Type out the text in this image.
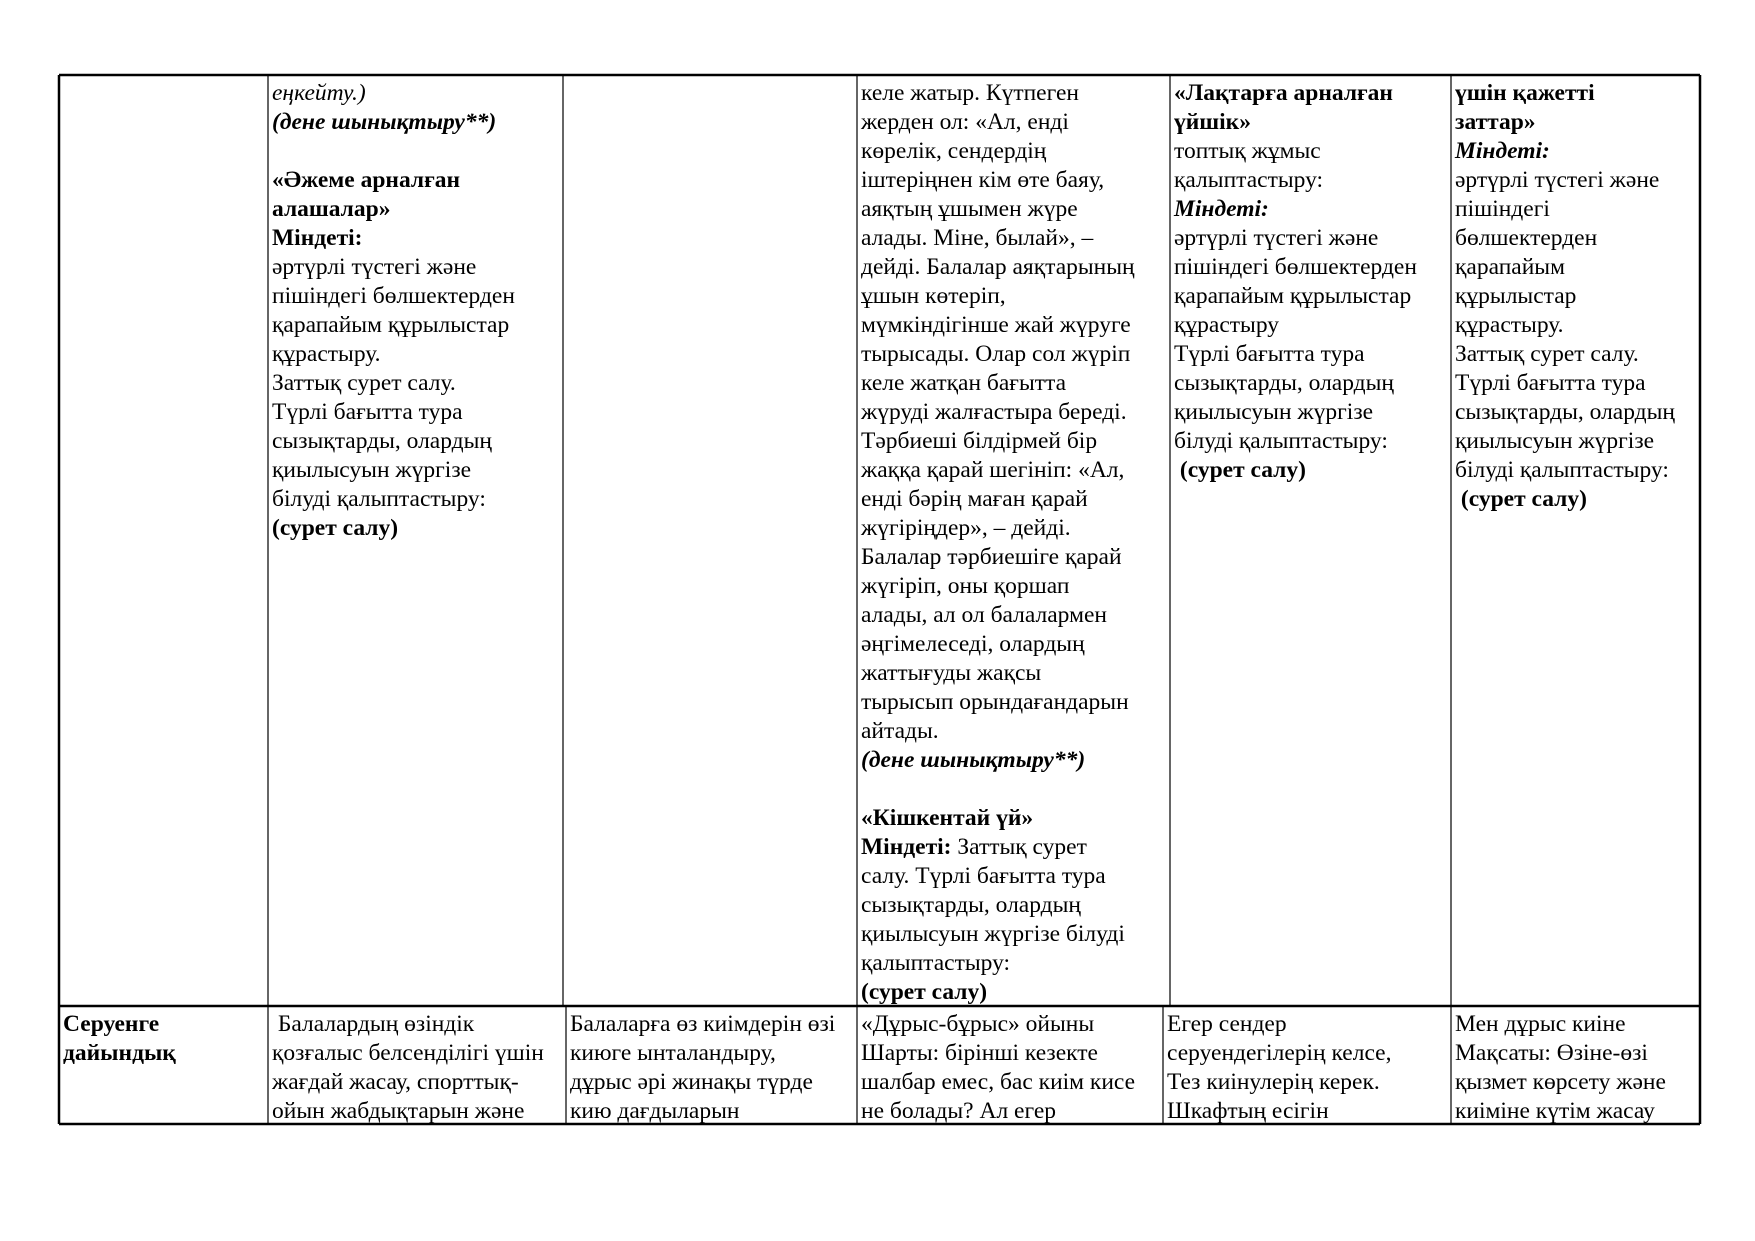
еңкейту.)
(дене шынықтыру**)
«Әжеме арналған
алашалар»
Міндеті:
әртүрлі түстегі және
пішіндегі бөлшектерден
қарапайым құрылыстар
құрастыру.
Заттық сурет салу.
Түрлі бағытта тура
сызықтарды, олардың
қиылысуын жүргізе
білуді қалыптастыру:
(сурет салу)
келе жатыр. Күтпеген
жерден ол: «Ал, енді
көрелік, сендердің
іштеріңнен кім өте баяу,
аяқтың ұшымен жүре
алады. Міне, былай», –
дейді. Балалар аяқтарының
ұшын көтеріп,
мүмкіндігінше жай жүруге
тырысады. Олар сол жүріп
келе жатқан бағытта
жүруді жалғастыра береді.
Тәрбиеші білдірмей бір
жаққа қарай шегініп: «Ал,
енді бәрің маған қарай
жүгіріңдер», – дейді.
Балалар тәрбиешіге қарай
жүгіріп, оны қоршап
алады, ал ол балалармен
әңгімелеседі, олардың
жаттығуды жақсы
тырысып орындағандарын
айтады.
(дене шынықтыру**)
«Кішкентай үй»
Міндеті: Заттық сурет
салу. Түрлі бағытта тура
сызықтарды, олардың
қиылысуын жүргізе білуді
қалыптастыру:
(сурет салу)
«Лақтарға арналған
үйшік»
топтық жұмыс
қалыптастыру:
Міндеті:
әртүрлі түстегі және
пішіндегі бөлшектерден
қарапайым құрылыстар
құрастыру
Түрлі бағытта тура
сызықтарды, олардың
қиылысуын жүргізе
білуді қалыптастыру:
(сурет салу)
үшін қажетті
заттар»
Міндеті:
әртүрлі түстегі және
пішіндегі
бөлшектерден
қарапайым
құрылыстар
құрастыру.
Заттық сурет салу.
Түрлі бағытта тура
сызықтарды, олардың
қиылысуын жүргізе
білуді қалыптастыру:
(сурет салу)
Серуенге
дайындық
Балалардың өзіндік
қозғалыс белсенділігі үшін
жағдай жасау, спорттық-
ойын жабдықтарын және
Балаларға өз киімдерін өзі
киюге ынталандыру,
дұрыс әрі жинақы түрде
кию дағдыларын
«Дұрыс-бұрыс» ойыны
Шарты: бірінші кезекте
шалбар емес, бас киім кисе
не болады? Ал егер
Егер сендер
серуендегілерің келсе,
Тез киінулерің керек.
Шкафтың есігін
Мен дұрыс киіне
Мақсаты: Өзіне-өзі
қызмет көрсету және
киіміне күтім жасау
